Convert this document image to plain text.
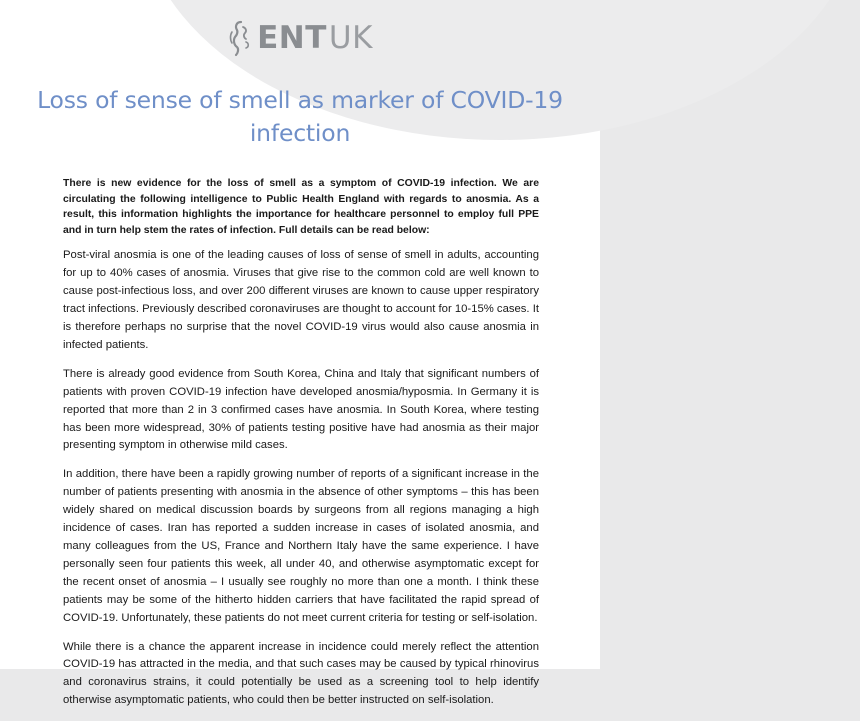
ENT UK
Loss of sense of smell as marker of COVID-19 infection

There is new evidence for the loss of smell as a symptom of COVID-19 infection. We are circulating the following intelligence to Public Health England with regards to anosmia. As a result, this information highlights the importance for healthcare personnel to employ full PPE and in turn help stem the rates of infection. Full details can be read below:

Post-viral anosmia is one of the leading causes of loss of sense of smell in adults, accounting for up to 40% cases of anosmia. Viruses that give rise to the common cold are well known to cause post-infectious loss, and over 200 different viruses are known to cause upper respiratory tract infections. Previously described coronaviruses are thought to account for 10-15% cases. It is therefore perhaps no surprise that the novel COVID-19 virus would also cause anosmia in infected patients.

There is already good evidence from South Korea, China and Italy that significant numbers of patients with proven COVID-19 infection have developed anosmia/hyposmia. In Germany it is reported that more than 2 in 3 confirmed cases have anosmia. In South Korea, where testing has been more widespread, 30% of patients testing positive have had anosmia as their major presenting symptom in otherwise mild cases.

In addition, there have been a rapidly growing number of reports of a significant increase in the number of patients presenting with anosmia in the absence of other symptoms – this has been widely shared on medical discussion boards by surgeons from all regions managing a high incidence of cases. Iran has reported a sudden increase in cases of isolated anosmia, and many colleagues from the US, France and Northern Italy have the same experience. I have personally seen four patients this week, all under 40, and otherwise asymptomatic except for the recent onset of anosmia – I usually see roughly no more than one a month. I think these patients may be some of the hitherto hidden carriers that have facilitated the rapid spread of COVID-19. Unfortunately, these patients do not meet current criteria for testing or self-isolation.

While there is a chance the apparent increase in incidence could merely reflect the attention COVID-19 has attracted in the media, and that such cases may be caused by typical rhinovirus and coronavirus strains, it could potentially be used as a screening tool to help identify otherwise asymptomatic patients, who could then be better instructed on self-isolation.
